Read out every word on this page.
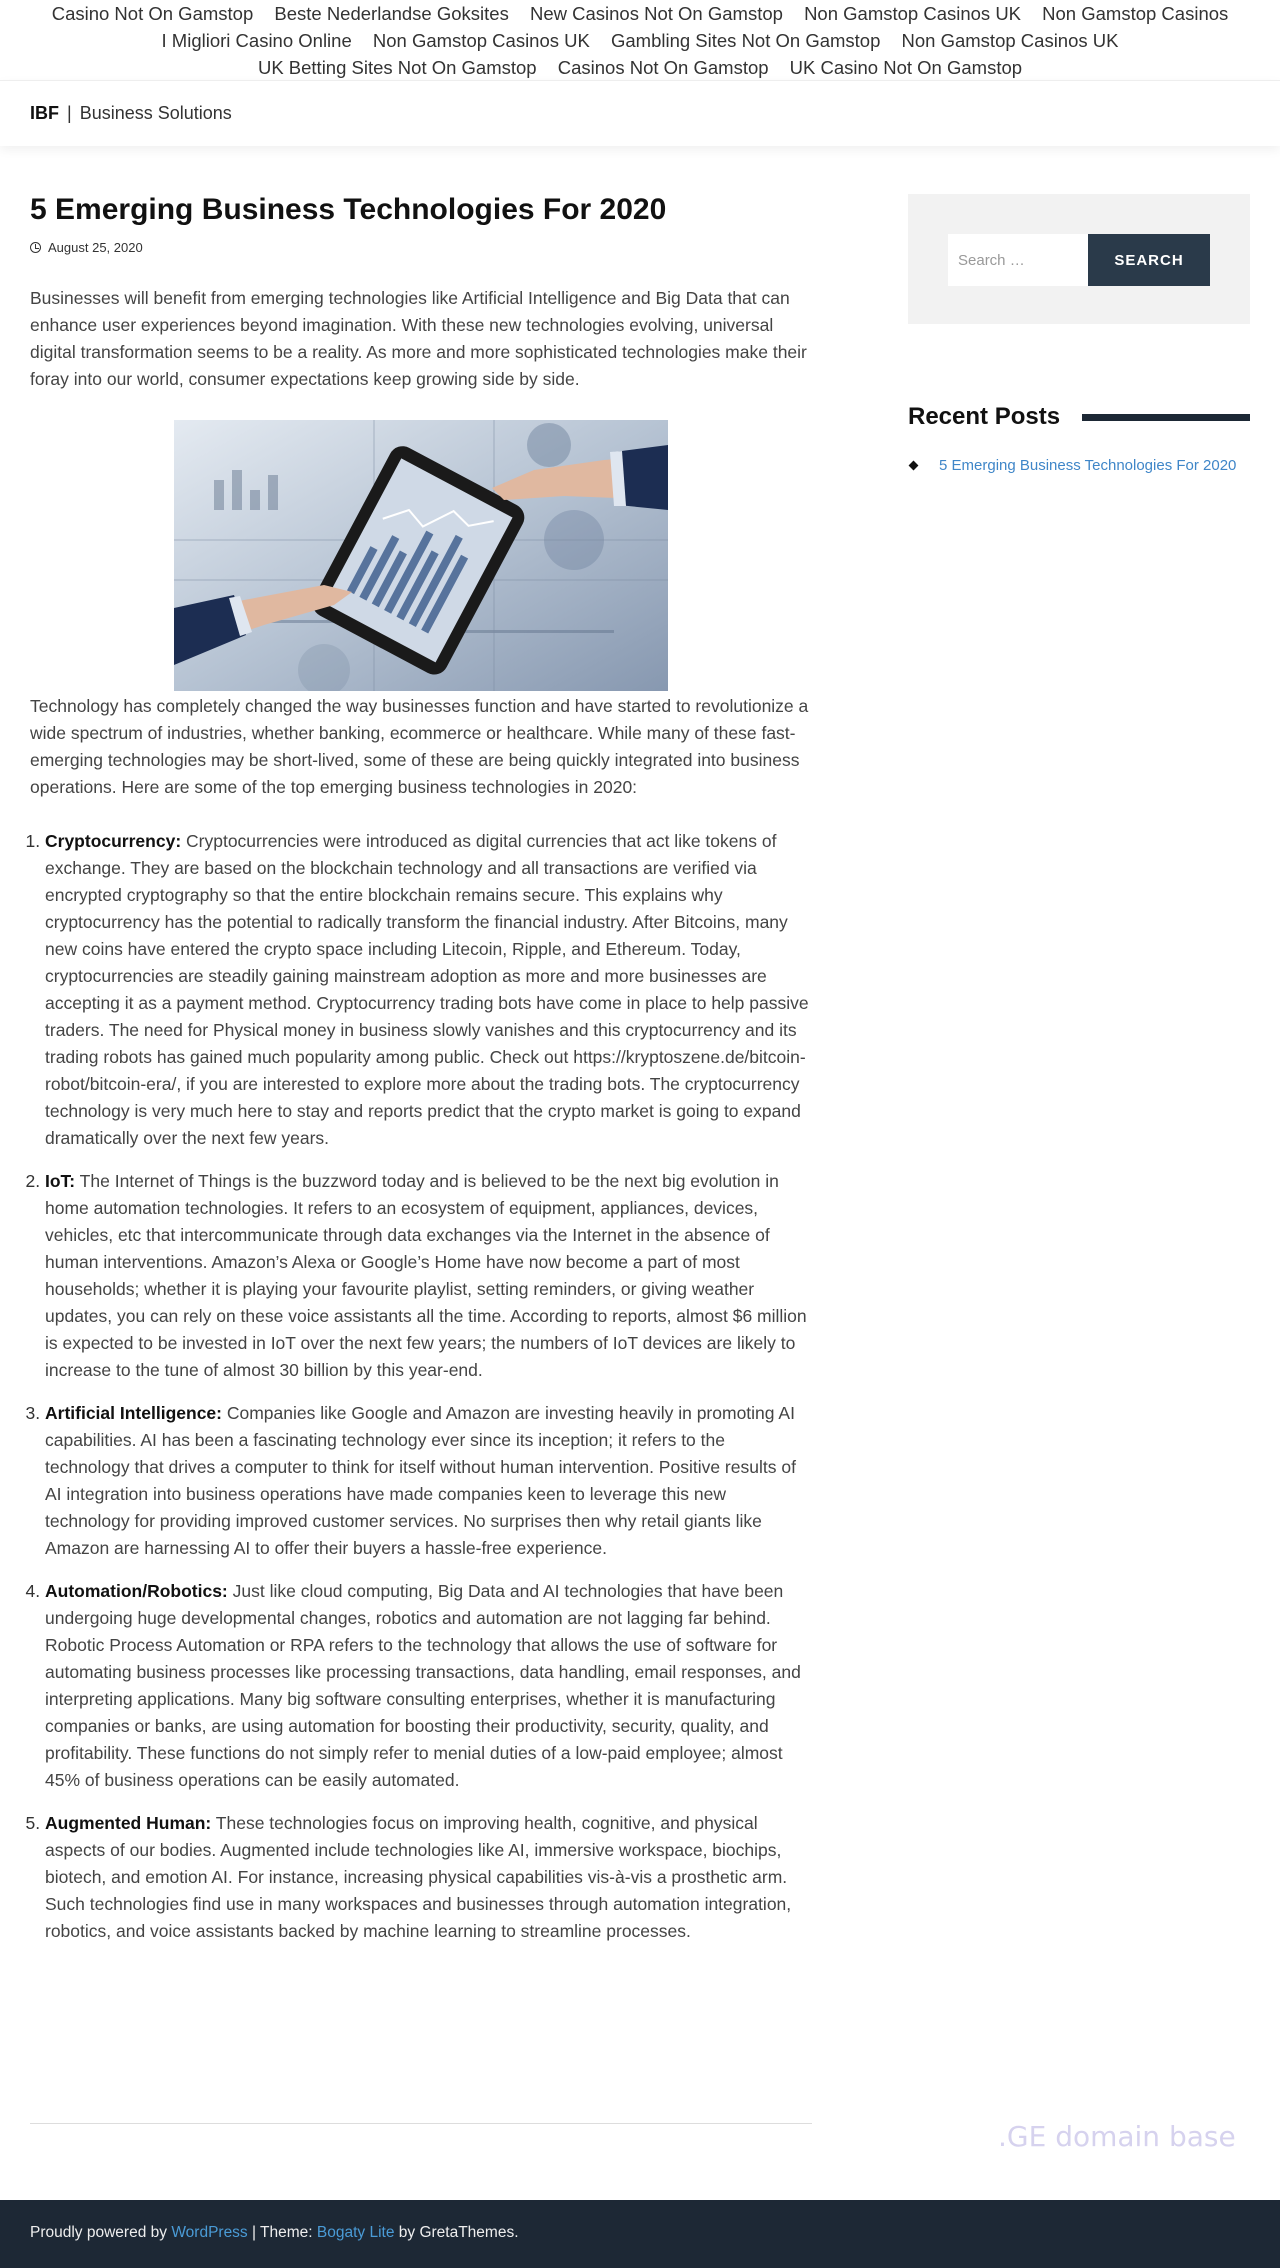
Casino Not On Gamstop Beste Nederlandse Goksites New Casinos Not On Gamstop Non Gamstop Casinos UK Non Gamstop Casinos I Migliori Casino Online Non Gamstop Casinos UK Gambling Sites Not On Gamstop Non Gamstop Casinos UK UK Betting Sites Not On Gamstop Casinos Not On Gamstop UK Casino Not On Gamstop
IBF | Business Solutions
5 Emerging Business Technologies For 2020
August 25, 2020

Businesses will benefit from emerging technologies like Artificial Intelligence and Big Data that can enhance user experiences beyond imagination. With these new technologies evolving, universal digital transformation seems to be a reality. As more and more sophisticated technologies make their foray into our world, consumer expectations keep growing side by side.

Technology has completely changed the way businesses function and have started to revolutionize a wide spectrum of industries, whether banking, ecommerce or healthcare. While many of these fast-emerging technologies may be short-lived, some of these are being quickly integrated into business operations. Here are some of the top emerging business technologies in 2020:

1. Cryptocurrency: Cryptocurrencies were introduced as digital currencies that act like tokens of exchange. They are based on the blockchain technology and all transactions are verified via encrypted cryptography so that the entire blockchain remains secure. This explains why cryptocurrency has the potential to radically transform the financial industry. After Bitcoins, many new coins have entered the crypto space including Litecoin, Ripple, and Ethereum. Today, cryptocurrencies are steadily gaining mainstream adoption as more and more businesses are accepting it as a payment method. Cryptocurrency trading bots have come in place to help passive traders. The need for Physical money in business slowly vanishes and this cryptocurrency and its trading robots has gained much popularity among public. Check out https://kryptoszene.de/bitcoin-robot/bitcoin-era/, if you are interested to explore more about the trading bots. The cryptocurrency technology is very much here to stay and reports predict that the crypto market is going to expand dramatically over the next few years.
2. IoT: The Internet of Things is the buzzword today and is believed to be the next big evolution in home automation technologies. It refers to an ecosystem of equipment, appliances, devices, vehicles, etc that intercommunicate through data exchanges via the Internet in the absence of human interventions. Amazon’s Alexa or Google’s Home have now become a part of most households; whether it is playing your favourite playlist, setting reminders, or giving weather updates, you can rely on these voice assistants all the time. According to reports, almost $6 million is expected to be invested in IoT over the next few years; the numbers of IoT devices are likely to increase to the tune of almost 30 billion by this year-end.
3. Artificial Intelligence: Companies like Google and Amazon are investing heavily in promoting AI capabilities. AI has been a fascinating technology ever since its inception; it refers to the technology that drives a computer to think for itself without human intervention. Positive results of AI integration into business operations have made companies keen to leverage this new technology for providing improved customer services. No surprises then why retail giants like Amazon are harnessing AI to offer their buyers a hassle-free experience.
4. Automation/Robotics: Just like cloud computing, Big Data and AI technologies that have been undergoing huge developmental changes, robotics and automation are not lagging far behind. Robotic Process Automation or RPA refers to the technology that allows the use of software for automating business processes like processing transactions, data handling, email responses, and interpreting applications. Many big software consulting enterprises, whether it is manufacturing companies or banks, are using automation for boosting their productivity, security, quality, and profitability. These functions do not simply refer to menial duties of a low-paid employee; almost 45% of business operations can be easily automated.
5. Augmented Human: These technologies focus on improving health, cognitive, and physical aspects of our bodies. Augmented include technologies like AI, immersive workspace, biochips, biotech, and emotion AI. For instance, increasing physical capabilities vis-à-vis a prosthetic arm. Such technologies find use in many workspaces and businesses through automation integration, robotics, and voice assistants backed by machine learning to streamline processes.
Search …
SEARCH
Recent Posts
5 Emerging Business Technologies For 2020
.GE domain base
Proudly powered by WordPress | Theme: Bogaty Lite by GretaThemes.
